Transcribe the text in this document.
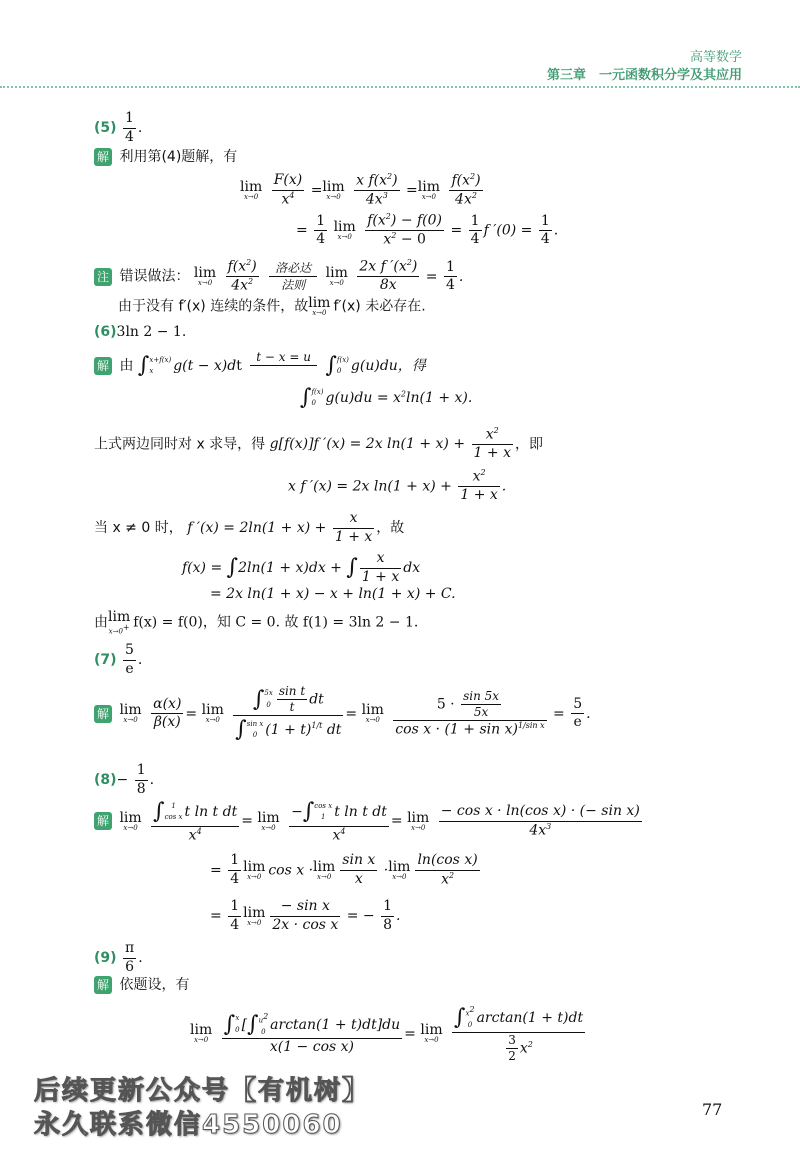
高等数学
第三章　一元函数积分学及其应用
$(5) \frac{1}{4}$ .
解 利用第(4)题解，有
lim
x→0
$\frac{F(x)}{x^4} = \lim$
x→0
$\frac{x f(x^2)}{4x^3} = \lim$
x→0
$\frac{f(x^2)}{4x^2}$
= $\frac{1}{4}$
lim
x→0
$\frac{f(x^2) - f(0)}{x^2 - 0} = \frac{1}{4}$ f $'(0) = \frac{1}{4}$ .
注 错误做法： lim
x→0
$\frac{f(x^2)}{4x^2}$
	洛必达
法则

lim
x→0
$\frac{2x f '(x^2)}{8x} = \frac{1}{4}$ .
由于没有 f′(x) 连续的条件，故 lim
x→0 f′(x) 未必存在.
(6)3ln 2 − 1.
解 由 ∫x+f(x)
x g(t − x)dt
t − x = u
∫f(x)
0 g(u)du，得
∫f(x)
0 $g(u)du = x^2\ln(1 + x)$.
上式两边同时对 x 求导，得 g[f(x)]f ′(x) = 2x $\ln(1 + x) + \frac{x^2}{1 + x}$ ，即
x f ′(x) = 2x $\ln(1 + x) + \frac{x^2}{1 + x}$ .
当 x ≠ 0 时， f $'(x) = 2\ln(1 + x) + \frac{x}{1 + x}$ ，故
f(x) = ∫2ln(1 + x)dx + ∫ $\frac{x}{1 + x}$ dx
= 2x ln(1 + x) − x + ln(1 + x) + C.
由 lim
x→0+ f(x) = f(0)，知 C = 0. 故 f(1) = 3ln 2 − 1.
$(7) \frac{5}{e}$ .
解 lim
x→0
$\frac{\alpha(x)}{\beta(x)} = \lim$
x→0

∫5x
$0 \frac{\text{sin t}}{t}$ dt
∫sin x
0 $(1 + t)^{1/t}$ dt
= lim
x→0
$\frac{5 \cdot \frac{\sin 5x}{5x}}{\cos x \cdot (1 + \sin x)^{1/sin x}} = \frac{5}{e}$ .
$(8)- \frac{1}{8}$ .
解 lim
x→0

∫ 1
cos x t ln t dt
$x^4$
= lim
x→0

−∫cos x
1 t ln t dt
$x^4$
= lim
x→0
$\frac{\text{− cos x · ln(cos x) · (− sin x)}}{4x^3}$
= $\frac{1}{4}$ lim
x→0 cos x · lim
$x\to 0 \frac{\text{sin x}}{x} \cdot \lim$
$x\to 0 \frac{\text{ln(cos x)}}{x^2}$
= $\frac{1}{4}$ lim
$x\to 0 \frac{\text{− sin x}}{\text{2x · cos x}}$ = − $\frac{1}{8}$ .
$(9) \frac{\pi}{6}$ .
解 依题设，有
lim
x→0

∫x
0 [$\int u^2$
0 arctan(1 + t)dt]du
x(1 − cos x)
= lim
x→0

$\int x^2$
0 arctan(1 + t)dt
$\frac{3}{2} x^2$
77
后续更新公众号【有机树】
永久联系微信4550060
